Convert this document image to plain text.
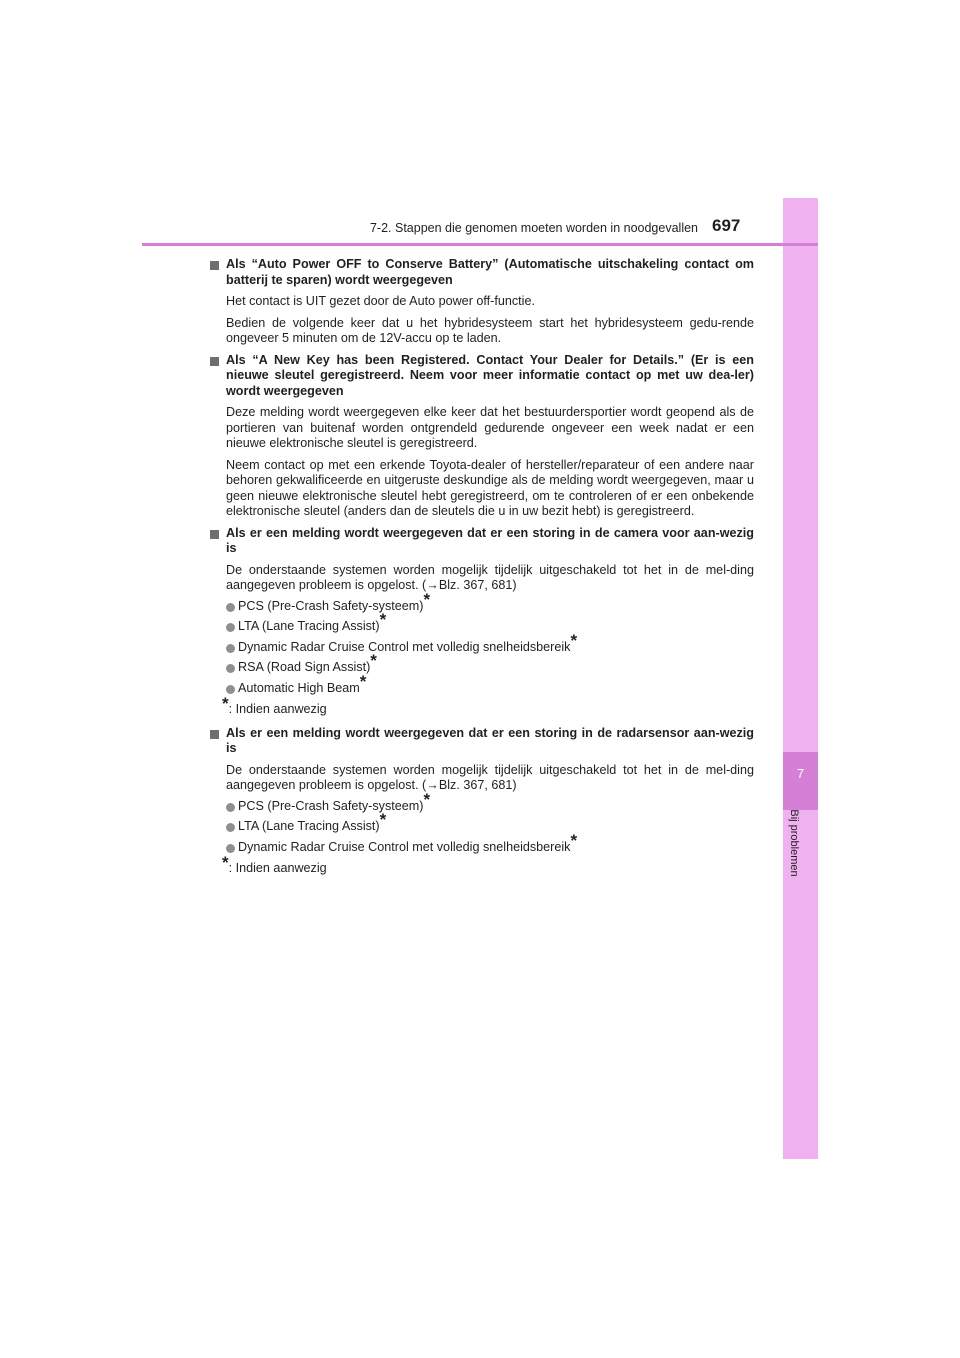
7
Bij problemen
7-2. Stappen die genomen moeten worden in noodgevallen 697
Als “Auto Power OFF to Conserve Battery” (Automatische uitschakeling contact om batterij te sparen) wordt weergegeven

Het contact is UIT gezet door de Auto power off-functie.

Bedien de volgende keer dat u het hybridesysteem start het hybridesysteem gedu-rende ongeveer 5 minuten om de 12V-accu op te laden.

Als “A New Key has been Registered. Contact Your Dealer for Details.” (Er is een nieuwe sleutel geregistreerd. Neem voor meer informatie contact op met uw dea-ler) wordt weergegeven

Deze melding wordt weergegeven elke keer dat het bestuurdersportier wordt geopend als de portieren van buitenaf worden ontgrendeld gedurende ongeveer een week nadat er een nieuwe elektronische sleutel is geregistreerd.

Neem contact op met een erkende Toyota-dealer of hersteller/reparateur of een andere naar behoren gekwalificeerde en uitgeruste deskundige als de melding wordt weergegeven, maar u geen nieuwe elektronische sleutel hebt geregistreerd, om te controleren of er een onbekende elektronische sleutel (anders dan de sleutels die u in uw bezit hebt) is geregistreerd.

Als er een melding wordt weergegeven dat er een storing in de camera voor aan-wezig is

De onderstaande systemen worden mogelijk tijdelijk uitgeschakeld tot het in de mel-ding aangegeven probleem is opgelost. (→Blz. 367, 681)

PCS (Pre-Crash Safety-systeem)*
LTA (Lane Tracing Assist)*
Dynamic Radar Cruise Control met volledig snelheidsbereik*
RSA (Road Sign Assist)*
Automatic High Beam*

*: Indien aanwezig

Als er een melding wordt weergegeven dat er een storing in de radarsensor aan-wezig is

De onderstaande systemen worden mogelijk tijdelijk uitgeschakeld tot het in de mel-ding aangegeven probleem is opgelost. (→Blz. 367, 681)

PCS (Pre-Crash Safety-systeem)*
LTA (Lane Tracing Assist)*
Dynamic Radar Cruise Control met volledig snelheidsbereik*

*: Indien aanwezig
